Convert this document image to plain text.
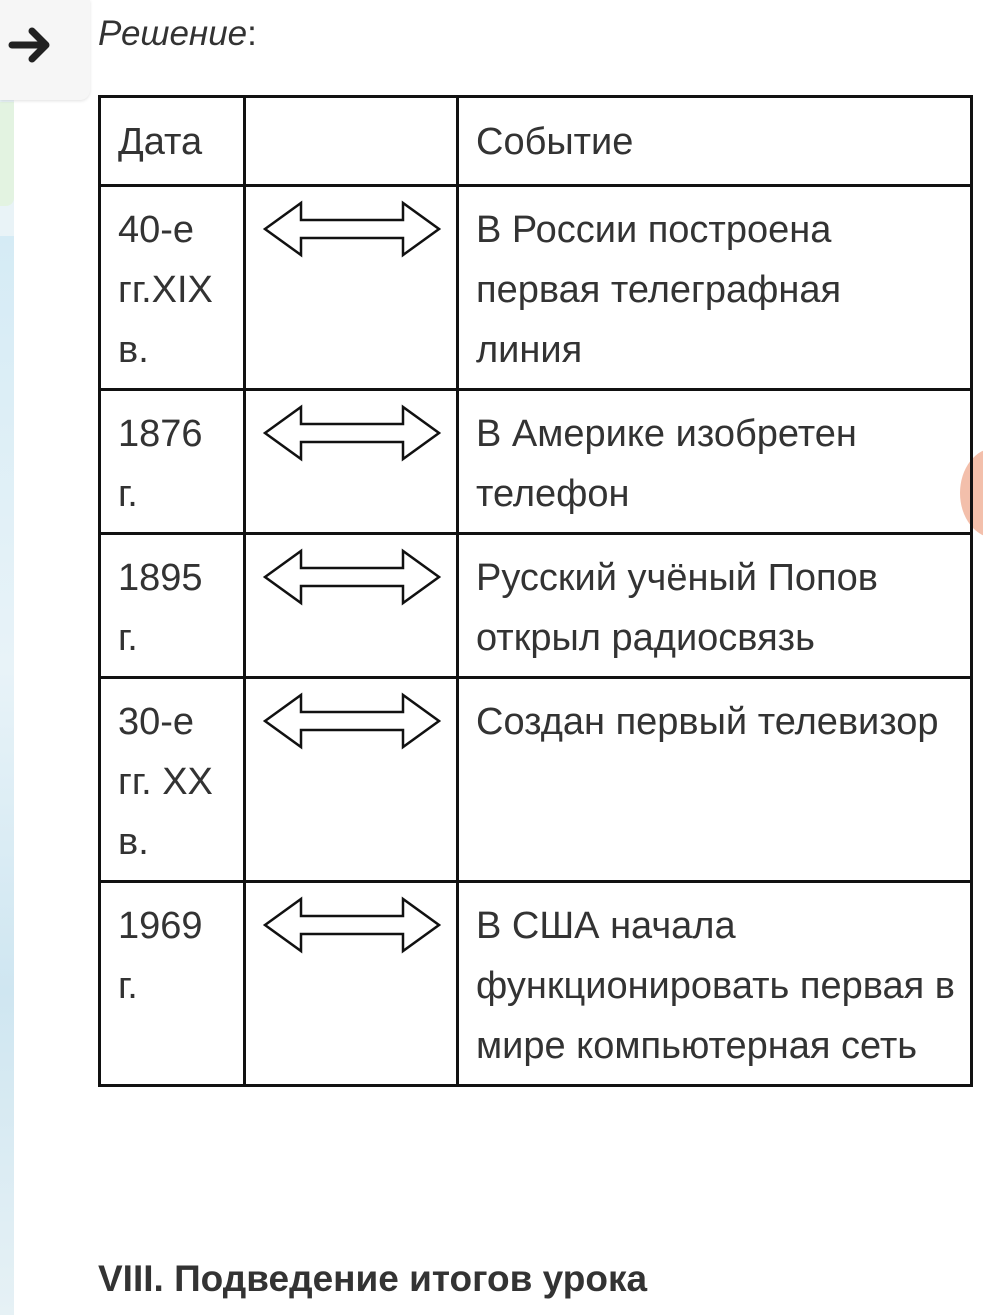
Решение:
Дата		Событие
40-е гг.XIX в.		В России построена первая телеграфная линия
1876 г.		В Америке изобретен телефон
1895 г.		Русский учёный Попов открыл радиосвязь
30-е гг. XX в.		Создан первый телевизор
1969 г.		В США начала функционировать первая в мире компьютерная сеть
VIII. Подведение итогов урока
